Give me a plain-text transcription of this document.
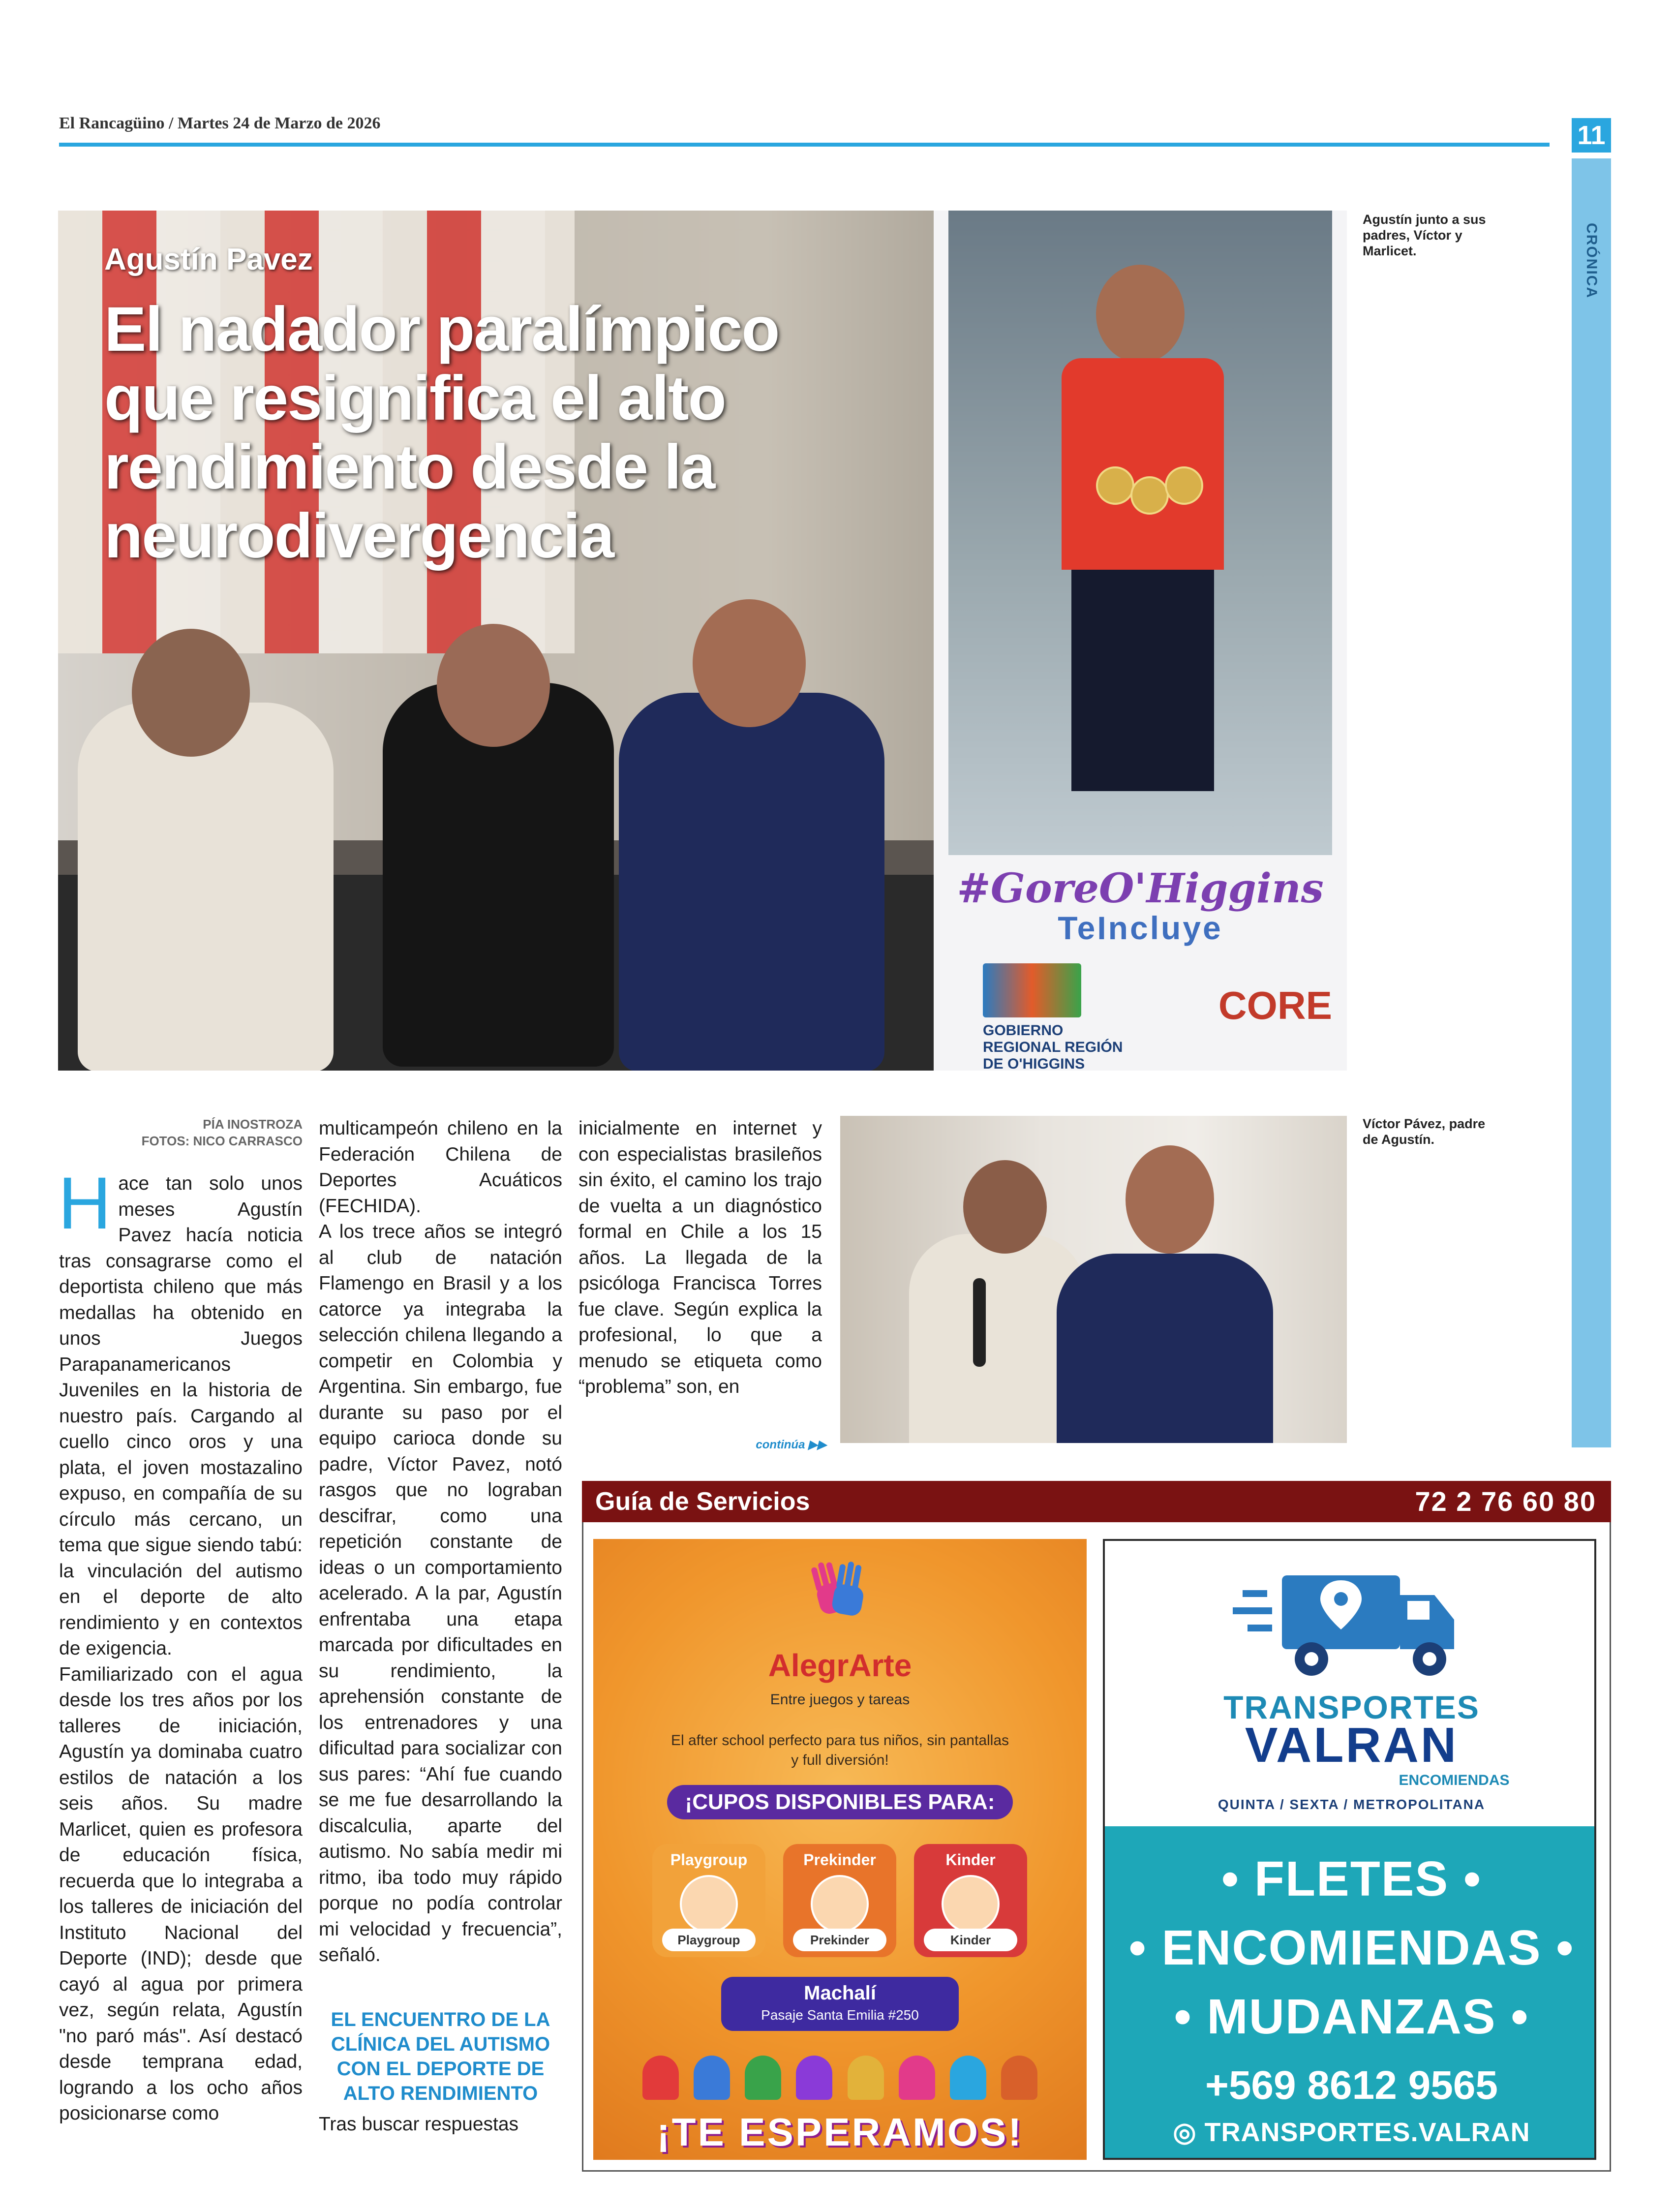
El Rancagüino / Martes 24 de Marzo de 2026	11
CRÓNICA
#GoreO'Higgins
TeIncluye
GOBIERNO REGIONAL REGIÓN DE O'HIGGINS
CORE
Agustín Pavez
El nadador paralímpico que resignifica el alto rendimiento desde la neurodivergencia
Agustín junto a sus padres, Víctor y Marlicet.
PÍA INOSTROZA
FOTOS: NICO CARRASCO

Hace tan solo unos meses Agustín Pavez hacía noticia tras consagrarse como el deportista chileno que más medallas ha obtenido en unos Juegos Parapanamericanos Juveniles en la historia de nuestro país. Cargando al cuello cinco oros y una plata, el joven mostazalino expuso, en compañía de su círculo más cercano, un tema que sigue siendo tabú: la vinculación del autismo en el deporte de alto rendimiento y en contextos de exigencia.

Familiarizado con el agua desde los tres años por los talleres de iniciación, Agustín ya dominaba cuatro estilos de natación a los seis años. Su madre Marlicet, quien es profesora de educación física, recuerda que lo integraba a los talleres de iniciación del Instituto Nacional del Deporte (IND); desde que cayó al agua por primera vez, según relata, Agustín "no paró más". Así destacó desde temprana edad, logrando a los ocho años posicionarse como

multicampeón chileno en la Federación Chilena de Deportes Acuáticos (FECHIDA).

A los trece años se integró al club de natación Flamengo en Brasil y a los catorce ya integraba la selección chilena llegando a competir en Colombia y Argentina. Sin embargo, fue durante su paso por el equipo carioca donde su padre, Víctor Pavez, notó rasgos que no lograban descifrar, como una repetición constante de ideas o un comportamiento acelerado. A la par, Agustín enfrentaba una etapa marcada por dificultades en su rendimiento, la aprehensión constante de los entrenadores y una dificultad para socializar con sus pares: “Ahí fue cuando se me fue desarrollando la discalculia, aparte del autismo. No sabía medir mi ritmo, iba todo muy rápido porque no podía controlar mi velocidad y frecuencia”, señaló.

EL ENCUENTRO DE LA CLÍNICA DEL AUTISMO CON EL DEPORTE DE ALTO RENDIMIENTO
Tras buscar respuestas

inicialmente en internet y con especialistas brasileños sin éxito, el camino los trajo de vuelta a un diagnóstico formal en Chile a los 15 años. La llegada de la psicóloga Francisca Torres fue clave. Según explica la profesional, lo que a menudo se etiqueta como “problema” son, en

continúa ▶▶
Víctor Pávez, padre de Agustín.
Guía de Servicios	72 2 76 60 80
AlegrArte
Entre juegos y tareas
El after school perfecto para tus niños, sin pantallas y full diversión!
¡CUPOS DISPONIBLES PARA:
Playgroup
Playgroup
Prekinder
Prekinder
Kinder
Kinder
Machalí
Pasaje Santa Emilia #250
¡TE ESPERAMOS!
TRANSPORTES
VALRAN
ENCOMIENDAS
QUINTA / SEXTA / METROPOLITANA
• FLETES •
• ENCOMIENDAS •
• MUDANZAS •
+569 8612 9565
◎ TRANSPORTES.VALRAN
